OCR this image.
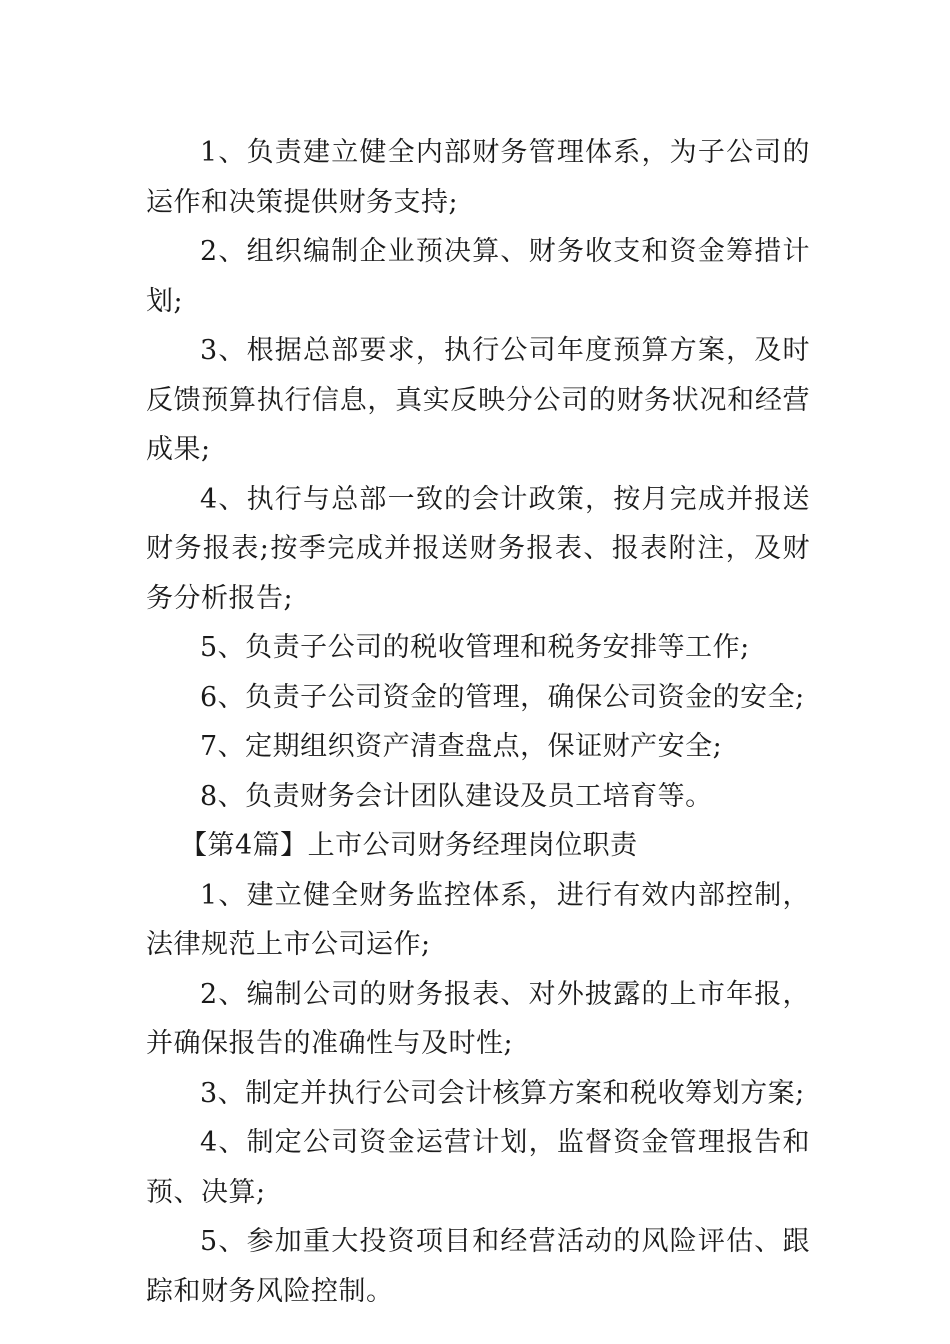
1、负责建立健全内部财务管理体系，为子公司的运作和决策提供财务支持;

2、组织编制企业预决算、财务收支和资金筹措计划;

3、根据总部要求，执行公司年度预算方案，及时反馈预算执行信息，真实反映分公司的财务状况和经营成果;

4、执行与总部一致的会计政策，按月完成并报送财务报表;按季完成并报送财务报表、报表附注，及财务分析报告;

5、负责子公司的税收管理和税务安排等工作;

6、负责子公司资金的管理，确保公司资金的安全;

7、定期组织资产清查盘点，保证财产安全;

8、负责财务会计团队建设及员工培育等。

【第4篇】上市公司财务经理岗位职责

1、建立健全财务监控体系，进行有效内部控制，法律规范上市公司运作;

2、编制公司的财务报表、对外披露的上市年报，并确保报告的准确性与及时性;

3、制定并执行公司会计核算方案和税收筹划方案;

4、制定公司资金运营计划，监督资金管理报告和预、决算;

5、参加重大投资项目和经营活动的风险评估、跟踪和财务风险控制。
